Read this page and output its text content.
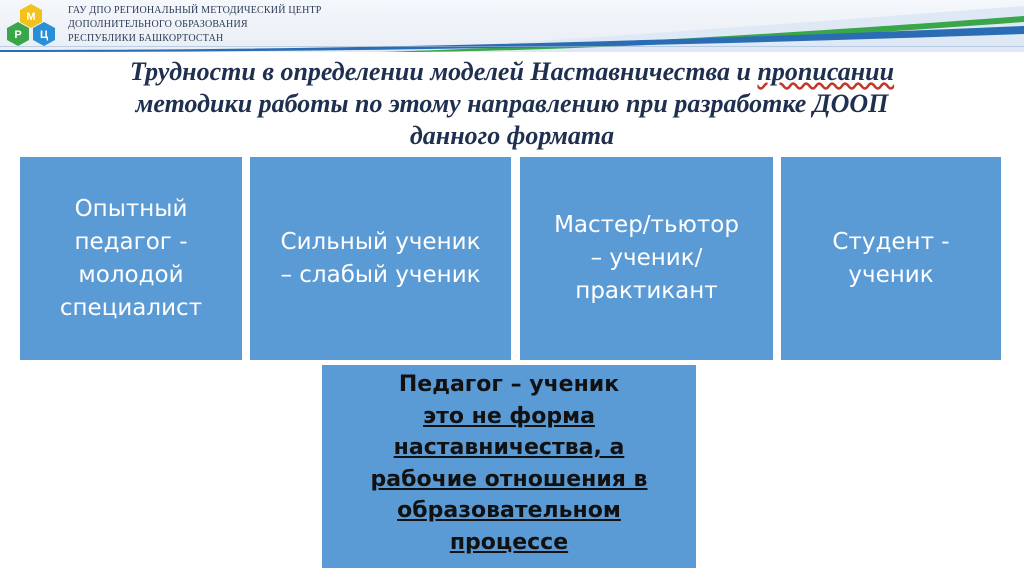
М
Р Ц
ГАУ ДПО РЕГИОНАЛЬНЫЙ МЕТОДИЧЕСКИЙ ЦЕНТР
ДОПОЛНИТЕЛЬНОГО ОБРАЗОВАНИЯ
РЕСПУБЛИКИ БАШКОРТОСТАН
Трудности в определении моделей Наставничества и прописании
методики работы по этому направлению при разработке ДООП
данного формата
Опытный
педагог -
молодой
специалист
Сильный ученик
– слабый ученик
Мастер/тьютор
– ученик/
практикант
Студент -
ученик
Педагог – ученик
это не форма
наставничества, а
рабочие отношения в
образовательном
процессе
